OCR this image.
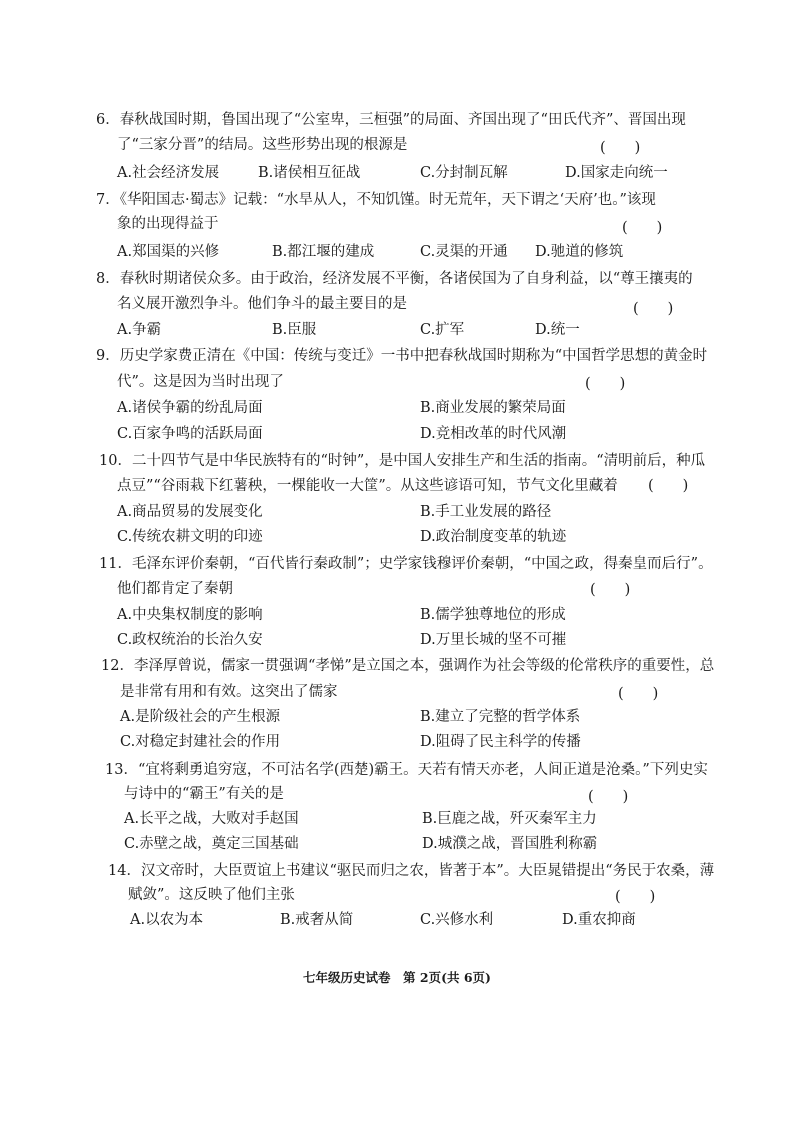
6．春秋战国时期，鲁国出现了“公室卑，三桓强”的局面、齐国出现了“田氏代齐”、晋国出现
了“三家分晋”的结局。这些形势出现的根源是	(　　)
A.社会经济发展	B.诸侯相互征战	C.分封制瓦解	D.国家走向统一
7．《华阳国志·蜀志》记载：“水旱从人，不知饥馑。时无荒年，天下谓之‘天府’也。”该现
象的出现得益于	(　　)
A.郑国渠的兴修	B.都江堰的建成	C.灵渠的开通 D.驰道的修筑
8．春秋时期诸侯众多。由于政治，经济发展不平衡，各诸侯国为了自身利益，以“尊王攘夷的
名义展开激烈争斗。他们争斗的最主要目的是	(　　)
A.争霸	B.臣服	C.扩军	D.统一
9．历史学家费正清在《中国：传统与变迁》一书中把春秋战国时期称为“中国哲学思想的黄金时
代”。这是因为当时出现了	(　　)
A.诸侯争霸的纷乱局面	B.商业发展的繁荣局面
C.百家争鸣的活跃局面	D.竞相改革的时代风潮
10．二十四节气是中华民族特有的“时钟”，是中国人安排生产和生活的指南。“清明前后，种瓜
点豆”“谷雨栽下红薯秧，一棵能收一大筐”。从这些谚语可知，节气文化里藏着 (　　)
A.商品贸易的发展变化	B.手工业发展的路径
C.传统农耕文明的印迹	D.政治制度变革的轨迹
11．毛泽东评价秦朝，“百代皆行秦政制”；史学家钱穆评价秦朝，“中国之政，得秦皇而后行”。
他们都肯定了秦朝	(　　)
A.中央集权制度的影响	B.儒学独尊地位的形成
C.政权统治的长治久安	D.万里长城的坚不可摧
12．李泽厚曾说，儒家一贯强调“孝悌”是立国之本，强调作为社会等级的伦常秩序的重要性，总
是非常有用和有效。这突出了儒家	(　　)
A.是阶级社会的产生根源	B.建立了完整的哲学体系
C.对稳定封建社会的作用	D.阻碍了民主科学的传播
13．“宜将剩勇追穷寇，不可沽名学(西楚)霸王。天若有情天亦老，人间正道是沧桑。”下列史实
与诗中的“霸王”有关的是	(　　)
A.长平之战，大败对手赵国	B.巨鹿之战，歼灭秦军主力
C.赤壁之战，奠定三国基础	D.城濮之战，晋国胜利称霸
14．汉文帝时，大臣贾谊上书建议“驱民而归之农，皆著于本”。大臣晁错提出“务民于农桑，薄
赋敛”。这反映了他们主张	(　　)
A.以农为本	B.戒奢从简	C.兴修水利	D.重农抑商
七年级历史试卷　第 2页(共 6页)
